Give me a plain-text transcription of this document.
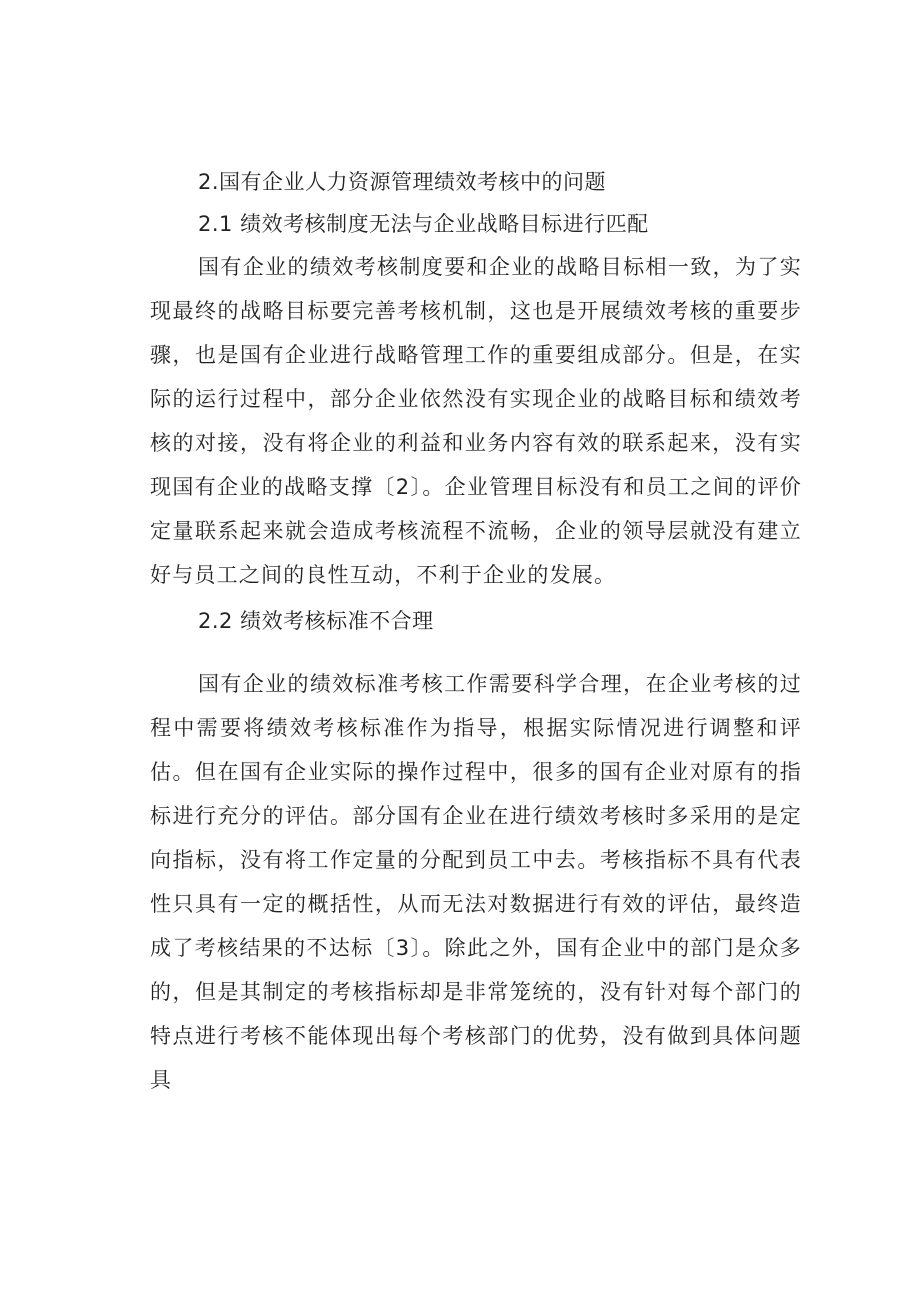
2.国有企业人力资源管理绩效考核中的问题
2.1 绩效考核制度无法与企业战略目标进行匹配

国有企业的绩效考核制度要和企业的战略目标相一致，为了实现最终的战略目标要完善考核机制，这也是开展绩效考核的重要步骤，也是国有企业进行战略管理工作的重要组成部分。但是，在实际的运行过程中，部分企业依然没有实现企业的战略目标和绩效考核的对接，没有将企业的利益和业务内容有效的联系起来，没有实现国有企业的战略支撑〔2〕。企业管理目标没有和员工之间的评价定量联系起来就会造成考核流程不流畅，企业的领导层就没有建立好与员工之间的良性互动，不利于企业的发展。

2.2 绩效考核标准不合理

国有企业的绩效标准考核工作需要科学合理，在企业考核的过程中需要将绩效考核标准作为指导，根据实际情况进行调整和评估。但在国有企业实际的操作过程中，很多的国有企业对原有的指标进行充分的评估。部分国有企业在进行绩效考核时多采用的是定向指标，没有将工作定量的分配到员工中去。考核指标不具有代表性只具有一定的概括性，从而无法对数据进行有效的评估，最终造成了考核结果的不达标〔3〕。除此之外，国有企业中的部门是众多的，但是其制定的考核指标却是非常笼统的，没有针对每个部门的特点进行考核不能体现出每个考核部门的优势，没有做到具体问题具
